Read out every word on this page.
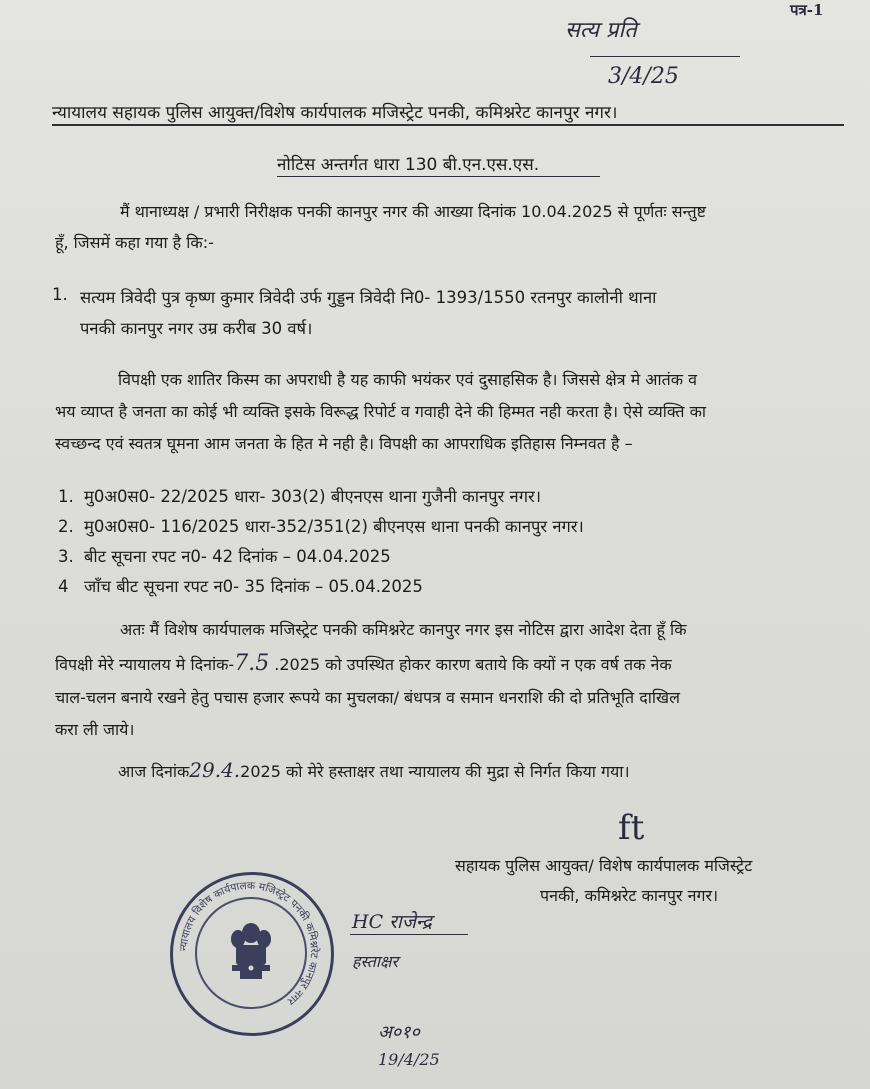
सत्य प्रति
3/4/25
पत्र-1
न्यायालय सहायक पुलिस आयुक्त/विशेष कार्यपालक मजिस्ट्रेट पनकी, कमिश्नरेट कानपुर नगर।
नोटिस अन्तर्गत धारा 130 बी.एन.एस.एस.
मैं थानाध्यक्ष / प्रभारी निरीक्षक पनकी कानपुर नगर की आख्या दिनांक 10.04.2025 से पूर्णतः सन्तुष्ट
हूँ, जिसमें कहा गया है कि:-
1. सत्यम त्रिवेदी पुत्र कृष्ण कुमार त्रिवेदी उर्फ गुड्डन त्रिवेदी नि0- 1393/1550 रतनपुर कालोनी थाना
पनकी कानपुर नगर उम्र करीब 30 वर्ष।
विपक्षी एक शातिर किस्म का अपराधी है यह काफी भयंकर एवं दुसाहसिक है। जिससे क्षेत्र मे आतंक व
भय व्याप्त है जनता का कोई भी व्यक्ति इसके विरूद्ध रिपोर्ट व गवाही देने की हिम्मत नही करता है। ऐसे व्यक्ति का
स्वच्छन्द एवं स्वतत्र घूमना आम जनता के हित मे नही है। विपक्षी का आपराधिक इतिहास निम्नवत है –
1. मु0अ0स0- 22/2025 धारा- 303(2) बीएनएस थाना गुजैनी कानपुर नगर।
2. मु0अ0स0- 116/2025 धारा-352/351(2) बीएनएस थाना पनकी कानपुर नगर।
3. बीट सूचना रपट न0- 42 दिनांक – 04.04.2025
4 जाँच बीट सूचना रपट न0- 35 दिनांक – 05.04.2025
अतः मैं विशेष कार्यपालक मजिस्ट्रेट पनकी कमिश्नरेट कानपुर नगर इस नोटिस द्वारा आदेश देता हूँ कि
विपक्षी मेरे न्यायालय मे दिनांक-7.5 .2025 को उपस्थित होकर कारण बताये कि क्यों न एक वर्ष तक नेक
चाल-चलन बनाये रखने हेतु पचास हजार रूपये का मुचलका/ बंधपत्र व समान धनराशि की दो प्रतिभूति दाखिल
करा ली जाये।
आज दिनांक29.4.2025 को मेरे हस्ताक्षर तथा न्यायालय की मुद्रा से निर्गत किया गया।
ft
सहायक पुलिस आयुक्त/ विशेष कार्यपालक मजिस्ट्रेट
पनकी, कमिश्नरेट कानपुर नगर।
न्यायालय विशेष कार्यपालक मजिस्ट्रेट पनकी कमिश्नरेट कानपुर नगर
HC राजेन्द्र
हस्ताक्षर
अ०१०
19/4/25
